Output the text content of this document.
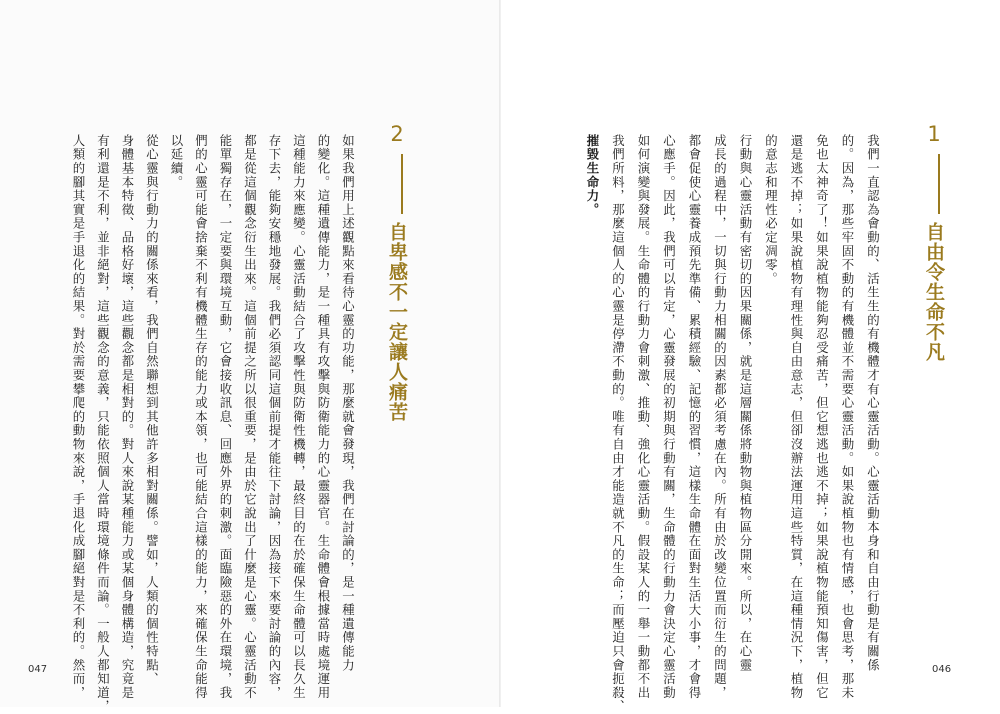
2自卑感不一定讓人痛苦
如果我們用上述觀點來看待心靈的功能，那麼就會發現，我們在討論的，是一種遺傳能力
的變化。這種遺傳能力，是一種具有攻擊與防衛能力的心靈器官。生命體會根據當時處境運用
這種能力來應變。心靈活動結合了攻擊性與防衛性機轉，最終目的在於確保生命體可以長久生
存下去，能夠安穩地發展。我們必須認同這個前提才能往下討論，因為接下來要討論的內容，
都是從這個觀念衍生出來。這個前提之所以很重要，是由於它說出了什麼是心靈。心靈活動不
能單獨存在，一定要與環境互動，它會接收訊息、回應外界的刺激。面臨險惡的外在環境，我
們的心靈可能會捨棄不利有機體生存的能力或本領，也可能結合這樣的能力，來確保生命能得
以延續。
從心靈與行動力的關係來看，我們自然聯想到其他許多相對關係。譬如，人類的個性特點、
身體基本特徵、品格好壞，這些觀念都是相對的。對人來說某種能力或某個身體構造，究竟是
有利還是不利，並非絕對，這些觀念的意義，只能依照個人當時環境條件而論。一般人都知道，
人類的腳其實是手退化的結果。對於需要攀爬的動物來說，手退化成腳絕對是不利的。然而，
047
1自由令生命不凡
我們一直認為會動的、活生生的有機體才有心靈活動。心靈活動本身和自由行動是有關係
的。因為，那些牢固不動的有機體並不需要心靈活動。如果說植物也有情感，也會思考，那未
免也太神奇了！如果說植物能夠忍受痛苦，但它想逃也逃不掉；如果說植物能預知傷害，但它
還是逃不掉；如果說植物有理性與自由意志，但卻沒辦法運用這些特質，在這種情況下，植物
的意志和理性必定凋零。
行動與心靈活動有密切的因果關係，就是這層關係將動物與植物區分開來。所以，在心靈
成長的過程中，一切與行動力相關的因素都必須考慮在內。所有由於改變位置而衍生的問題，
都會促使心靈養成預先準備、累積經驗、記憶的習慣，這樣生命體在面對生活大小事，才會得
心應手。因此，我們可以肯定，心靈發展的初期與行動有關，生命體的行動力會決定心靈活動
如何演變與發展。生命體的行動力會刺激、推動、強化心靈活動。假設某人的一舉一動都不出
我們所料，那麼這個人的心靈是停滯不動的。唯有自由才能造就不凡的生命；而壓迫只會扼殺、
摧毀生命力。
046
